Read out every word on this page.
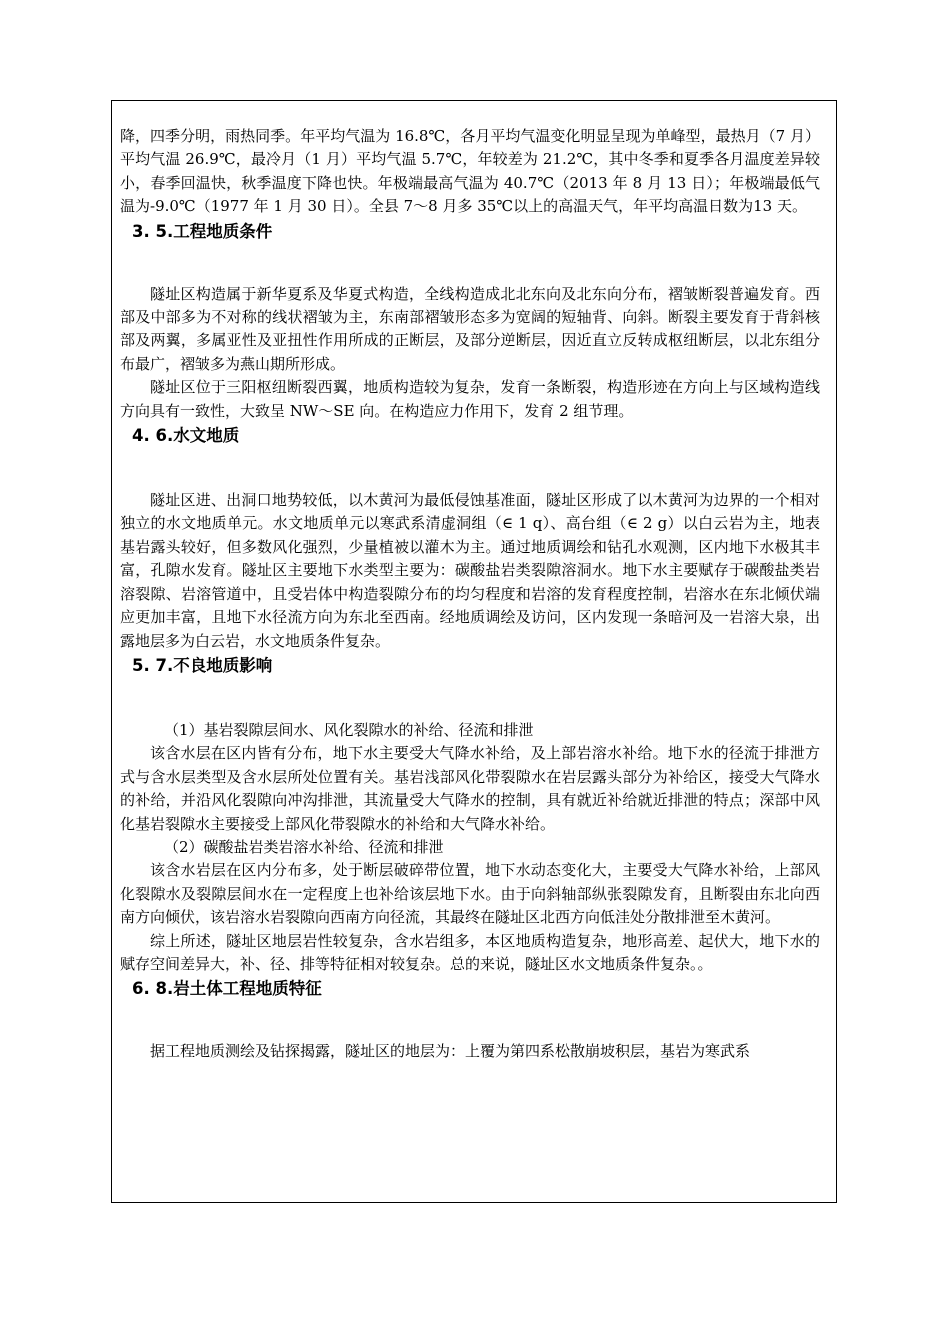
降，四季分明，雨热同季。年平均气温为 16.8℃，各月平均气温变化明显呈现为单峰型，最热月（7 月）平均气温 26.9℃，最冷月（1 月）平均气温 5.7℃，年较差为 21.2℃，其中冬季和夏季各月温度差异较小，春季回温快，秋季温度下降也快。年极端最高气温为 40.7℃（2013 年 8 月 13 日）；年极端最低气温为-9.0℃（1977 年 1 月 30 日）。全县 7～8 月多 35℃以上的高温天气，年平均高温日数为13 天。

3. 5.工程地质条件

隧址区构造属于新华夏系及华夏式构造，全线构造成北北东向及北东向分布，褶皱断裂普遍发育。西部及中部多为不对称的线状褶皱为主，东南部褶皱形态多为宽阔的短轴背、向斜。断裂主要发育于背斜核部及两翼，多属亚性及亚扭性作用所成的正断层，及部分逆断层，因近直立反转成枢纽断层，以北东组分布最广，褶皱多为燕山期所形成。

隧址区位于三阳枢纽断裂西翼，地质构造较为复杂，发育一条断裂，构造形迹在方向上与区域构造线方向具有一致性，大致呈 NW～SE 向。在构造应力作用下，发育 2 组节理。

4. 6.水文地质

隧址区进、出洞口地势较低，以木黄河为最低侵蚀基准面，隧址区形成了以木黄河为边界的一个相对独立的水文地质单元。水文地质单元以寒武系清虚洞组（∈ 1 q）、高台组（∈ 2 g）以白云岩为主，地表基岩露头较好，但多数风化强烈，少量植被以灌木为主。通过地质调绘和钻孔水观测，区内地下水极其丰富，孔隙水发育。隧址区主要地下水类型主要为：碳酸盐岩类裂隙溶洞水。地下水主要赋存于碳酸盐类岩溶裂隙、岩溶管道中，且受岩体中构造裂隙分布的均匀程度和岩溶的发育程度控制，岩溶水在东北倾伏端应更加丰富，且地下水径流方向为东北至西南。经地质调绘及访问，区内发现一条暗河及一岩溶大泉，出露地层多为白云岩，水文地质条件复杂。

5. 7.不良地质影响

（1）基岩裂隙层间水、风化裂隙水的补给、径流和排泄

该含水层在区内皆有分布，地下水主要受大气降水补给，及上部岩溶水补给。地下水的径流于排泄方式与含水层类型及含水层所处位置有关。基岩浅部风化带裂隙水在岩层露头部分为补给区，接受大气降水的补给，并沿风化裂隙向冲沟排泄，其流量受大气降水的控制，具有就近补给就近排泄的特点；深部中风化基岩裂隙水主要接受上部风化带裂隙水的补给和大气降水补给。

（2）碳酸盐岩类岩溶水补给、径流和排泄

该含水岩层在区内分布多，处于断层破碎带位置，地下水动态变化大，主要受大气降水补给，上部风化裂隙水及裂隙层间水在一定程度上也补给该层地下水。由于向斜轴部纵张裂隙发育，且断裂由东北向西南方向倾伏，该岩溶水岩裂隙向西南方向径流，其最终在隧址区北西方向低洼处分散排泄至木黄河。

综上所述，隧址区地层岩性较复杂，含水岩组多，本区地质构造复杂，地形高差、起伏大，地下水的赋存空间差异大，补、径、排等特征相对较复杂。总的来说，隧址区水文地质条件复杂。。

6. 8.岩土体工程地质特征

据工程地质测绘及钻探揭露，隧址区的地层为：上覆为第四系松散崩坡积层，基岩为寒武系
